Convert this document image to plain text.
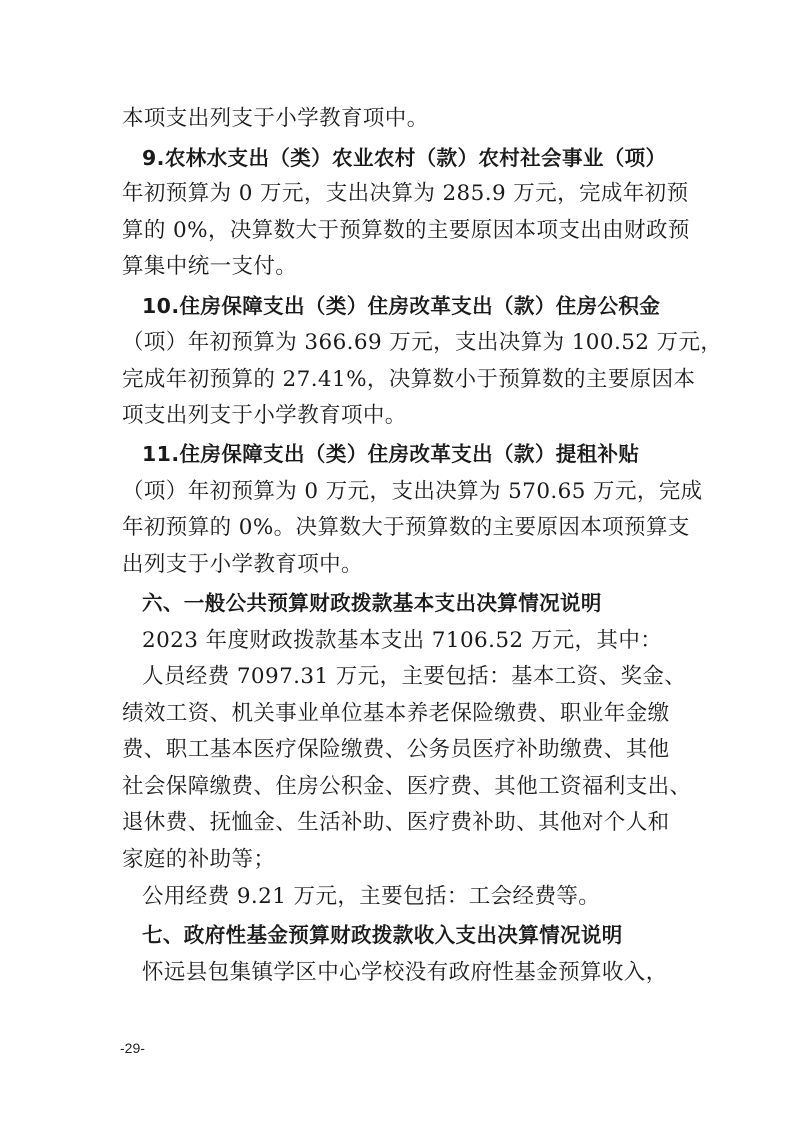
本项支出列支于小学教育项中。
9.农林水支出（类）农业农村（款）农村社会事业（项）
年初预算为 0 万元，支出决算为 285.9 万元，完成年初预
算的 0%，决算数大于预算数的主要原因本项支出由财政预
算集中统一支付。
10.住房保障支出（类）住房改革支出（款）住房公积金
（项）年初预算为 366.69 万元，支出决算为 100.52 万元，
完成年初预算的 27.41%，决算数小于预算数的主要原因本
项支出列支于小学教育项中。
11.住房保障支出（类）住房改革支出（款）提租补贴
（项）年初预算为 0 万元，支出决算为 570.65 万元，完成
年初预算的 0%。决算数大于预算数的主要原因本项预算支
出列支于小学教育项中。
六、一般公共预算财政拨款基本支出决算情况说明
2023 年度财政拨款基本支出 7106.52 万元，其中：
人员经费 7097.31 万元，主要包括：基本工资、奖金、
绩效工资、机关事业单位基本养老保险缴费、职业年金缴
费、职工基本医疗保险缴费、公务员医疗补助缴费、其他
社会保障缴费、住房公积金、医疗费、其他工资福利支出、
退休费、抚恤金、生活补助、医疗费补助、其他对个人和
家庭的补助等；
公用经费 9.21 万元，主要包括：工会经费等。
七、政府性基金预算财政拨款收入支出决算情况说明
怀远县包集镇学区中心学校没有政府性基金预算收入，
-29-
